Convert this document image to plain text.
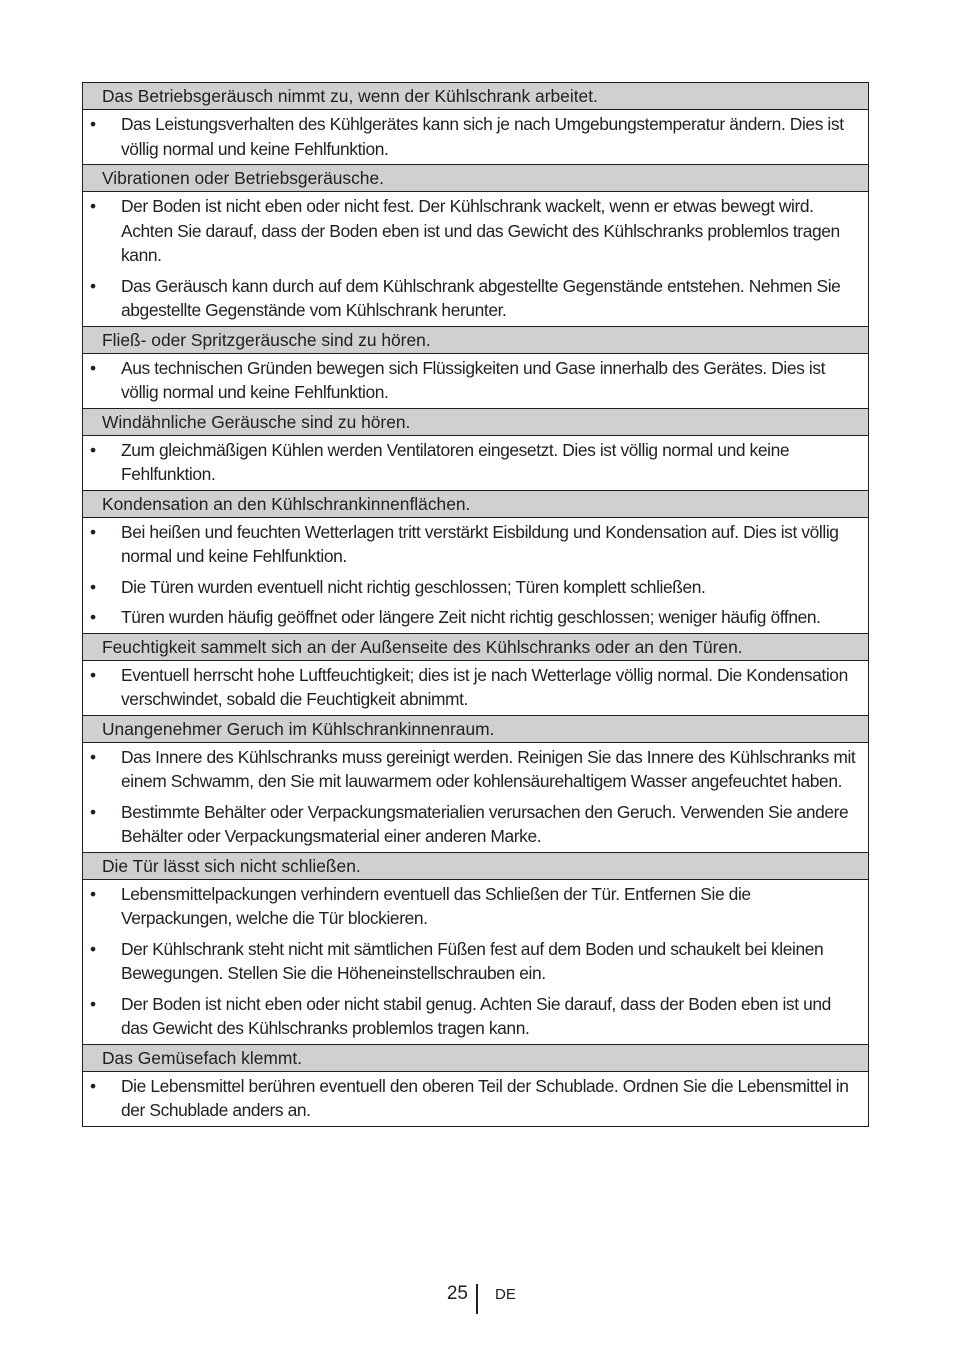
Das Betriebsgeräusch nimmt zu, wenn der Kühlschrank arbeitet.
• Das Leistungsverhalten des Kühlgerätes kann sich je nach Umgebungstemperatur ändern. Dies ist völlig normal und keine Fehlfunktion.
Vibrationen oder Betriebsgeräusche.
• Der Boden ist nicht eben oder nicht fest. Der Kühlschrank wackelt, wenn er etwas bewegt wird. Achten Sie darauf, dass der Boden eben ist und das Gewicht des Kühlschranks problemlos tragen kann.
• Das Geräusch kann durch auf dem Kühlschrank abgestellte Gegenstände entstehen. Nehmen Sie abgestellte Gegenstände vom Kühlschrank herunter.
Fließ- oder Spritzgeräusche sind zu hören.
• Aus technischen Gründen bewegen sich Flüssigkeiten und Gase innerhalb des Gerätes. Dies ist völlig normal und keine Fehlfunktion.
Windähnliche Geräusche sind zu hören.
• Zum gleichmäßigen Kühlen werden Ventilatoren eingesetzt. Dies ist völlig normal und keine Fehlfunktion.
Kondensation an den Kühlschrankinnenflächen.
• Bei heißen und feuchten Wetterlagen tritt verstärkt Eisbildung und Kondensation auf. Dies ist völlig normal und keine Fehlfunktion.
• Die Türen wurden eventuell nicht richtig geschlossen; Türen komplett schließen.
• Türen wurden häufig geöffnet oder längere Zeit nicht richtig geschlossen; weniger häufig öffnen.
Feuchtigkeit sammelt sich an der Außenseite des Kühlschranks oder an den Türen.
• Eventuell herrscht hohe Luftfeuchtigkeit; dies ist je nach Wetterlage völlig normal. Die Kondensation verschwindet, sobald die Feuchtigkeit abnimmt.
Unangenehmer Geruch im Kühlschrankinnenraum.
• Das Innere des Kühlschranks muss gereinigt werden. Reinigen Sie das Innere des Kühlschranks mit einem Schwamm, den Sie mit lauwarmem oder kohlensäurehaltigem Wasser angefeuchtet haben.
• Bestimmte Behälter oder Verpackungsmaterialien verursachen den Geruch. Verwenden Sie andere Behälter oder Verpackungsmaterial einer anderen Marke.
Die Tür lässt sich nicht schließen.
• Lebensmittelpackungen verhindern eventuell das Schließen der Tür. Entfernen Sie die Verpackungen, welche die Tür blockieren.
• Der Kühlschrank steht nicht mit sämtlichen Füßen fest auf dem Boden und schaukelt bei kleinen Bewegungen. Stellen Sie die Höheneinstellschrauben ein.
• Der Boden ist nicht eben oder nicht stabil genug. Achten Sie darauf, dass der Boden eben ist und das Gewicht des Kühlschranks problemlos tragen kann.
Das Gemüsefach klemmt.
• Die Lebensmittel berühren eventuell den oberen Teil der Schublade. Ordnen Sie die Lebensmittel in der Schublade anders an.
25 DE
